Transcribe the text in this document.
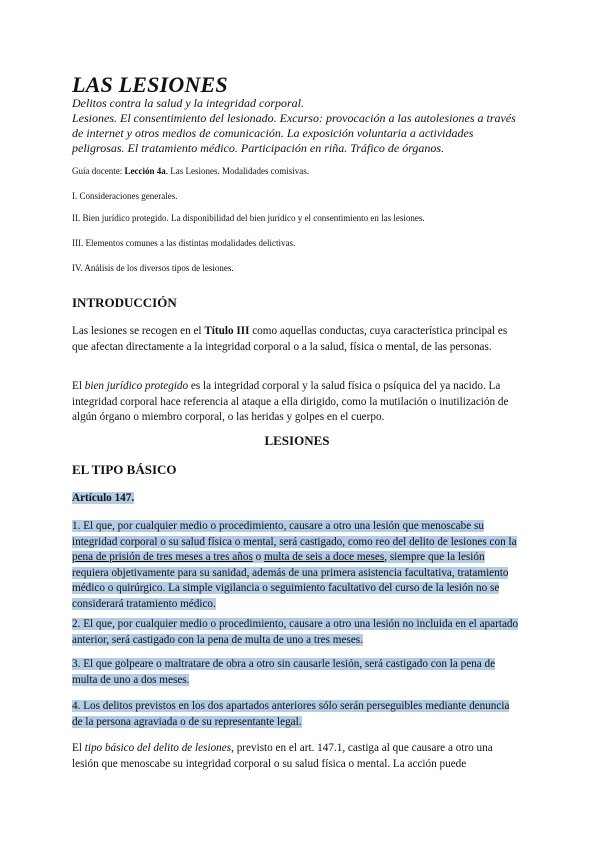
LAS LESIONES
Delitos contra la salud y la integridad corporal.
Lesiones. El consentimiento del lesionado. Excurso: provocación a las autolesiones a través de internet y otros medios de comunicación. La exposición voluntaria a actividades peligrosas. El tratamiento médico. Participación en riña. Tráfico de órganos.
Guía docente: Lección 4a. Las Lesiones. Modalidades comisivas.
I. Consideraciones generales.
II. Bien jurídico protegido. La disponibilidad del bien jurídico y el consentimiento en las lesiones.
III. Elementos comunes a las distintas modalidades delictivas.
IV. Análisis de los diversos tipos de lesiones.
INTRODUCCIÓN

Las lesiones se recogen en el Título III como aquellas conductas, cuya característica principal es que afectan directamente a la integridad corporal o a la salud, física o mental, de las personas.

El bien jurídico protegido es la integridad corporal y la salud física o psíquica del ya nacido. La integridad corporal hace referencia al ataque a ella dirigido, como la mutilación o inutilización de algún órgano o miembro corporal, o las heridas y golpes en el cuerpo.

LESIONES
EL TIPO BÁSICO

Artículo 147.

1. El que, por cualquier medio o procedimiento, causare a otro una lesión que menoscabe su integridad corporal o su salud física o mental, será castigado, como reo del delito de lesiones con la pena de prisión de tres meses a tres años o multa de seis a doce meses, siempre que la lesión requiera objetivamente para su sanidad, además de una primera asistencia facultativa, tratamiento médico o quirúrgico. La simple vigilancia o seguimiento facultativo del curso de la lesión no se considerará tratamiento médico.

2. El que, por cualquier medio o procedimiento, causare a otro una lesión no incluida en el apartado anterior, será castigado con la pena de multa de uno a tres meses.

3. El que golpeare o maltratare de obra a otro sin causarle lesión, será castigado con la pena de multa de uno a dos meses.

4. Los delitos previstos en los dos apartados anteriores sólo serán perseguibles mediante denuncia de la persona agraviada o de su representante legal.

El tipo básico del delito de lesiones, previsto en el art. 147.1, castiga al que causare a otro una lesión que menoscabe su integridad corporal o su salud física o mental. La acción puede
